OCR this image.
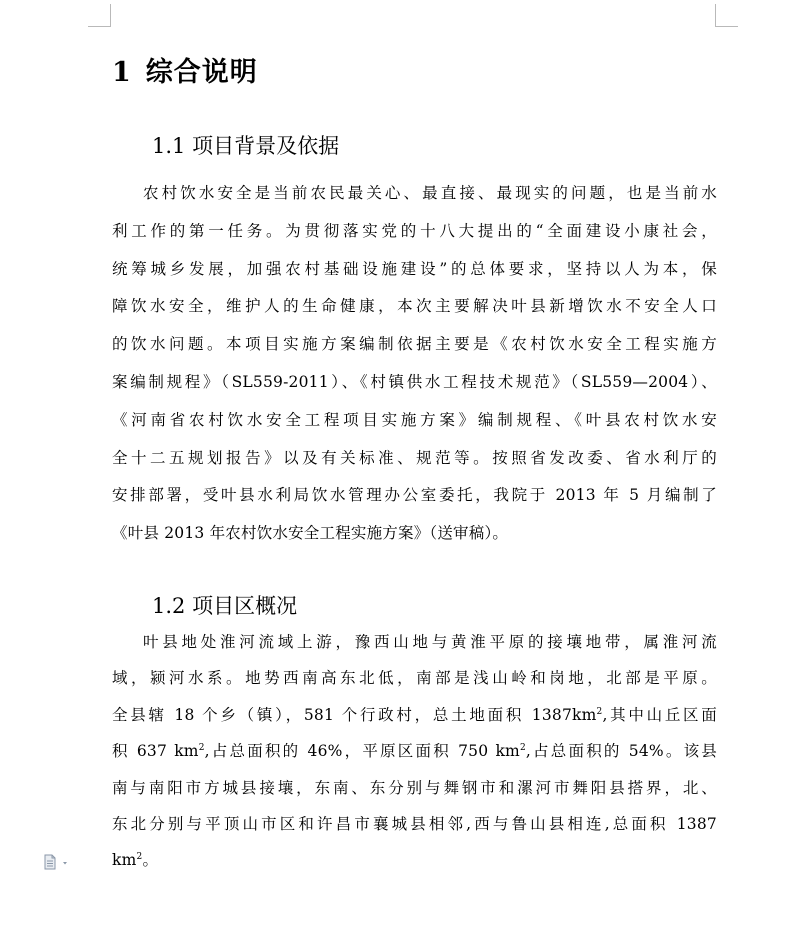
1 综合说明
1.1 项目背景及依据
农村饮水安全是当前农民最关心、最直接、最现实的问题，也是当前水
利工作的第一任务。为贯彻落实党的十八大提出的“全面建设小康社会，
统筹城乡发展，加强农村基础设施建设”的总体要求，坚持以人为本，保
障饮水安全，维护人的生命健康，本次主要解决叶县新增饮水不安全人口
的饮水问题。本项目实施方案编制依据主要是《农村饮水安全工程实施方
案编制规程》（SL559-2011）、《村镇供水工程技术规范》（SL559—2004）、
《河南省农村饮水安全工程项目实施方案》编制规程、《叶县农村饮水安
全十二五规划报告》以及有关标准、规范等。按照省发改委、省水利厅的
安排部署，受叶县水利局饮水管理办公室委托，我院于 2013 年 5 月编制了
《叶县 2013 年农村饮水安全工程实施方案》（送审稿）。
1.2 项目区概况
叶县地处淮河流域上游，豫西山地与黄淮平原的接壤地带，属淮河流
域，颍河水系。地势西南高东北低，南部是浅山岭和岗地，北部是平原。
全县辖 18 个乡（镇），581 个行政村，总土地面积 $1387km^2$,其中山丘区面
积 637 $km^2$,占总面积的 46%，平原区面积 750 $km^2$,占总面积的 54%。该县
南与南阳市方城县接壤，东南、东分别与舞钢市和漯河市舞阳县搭界，北、
东北分别与平顶山市区和许昌市襄城县相邻,西与鲁山县相连,总面积 1387
$km^2$。
